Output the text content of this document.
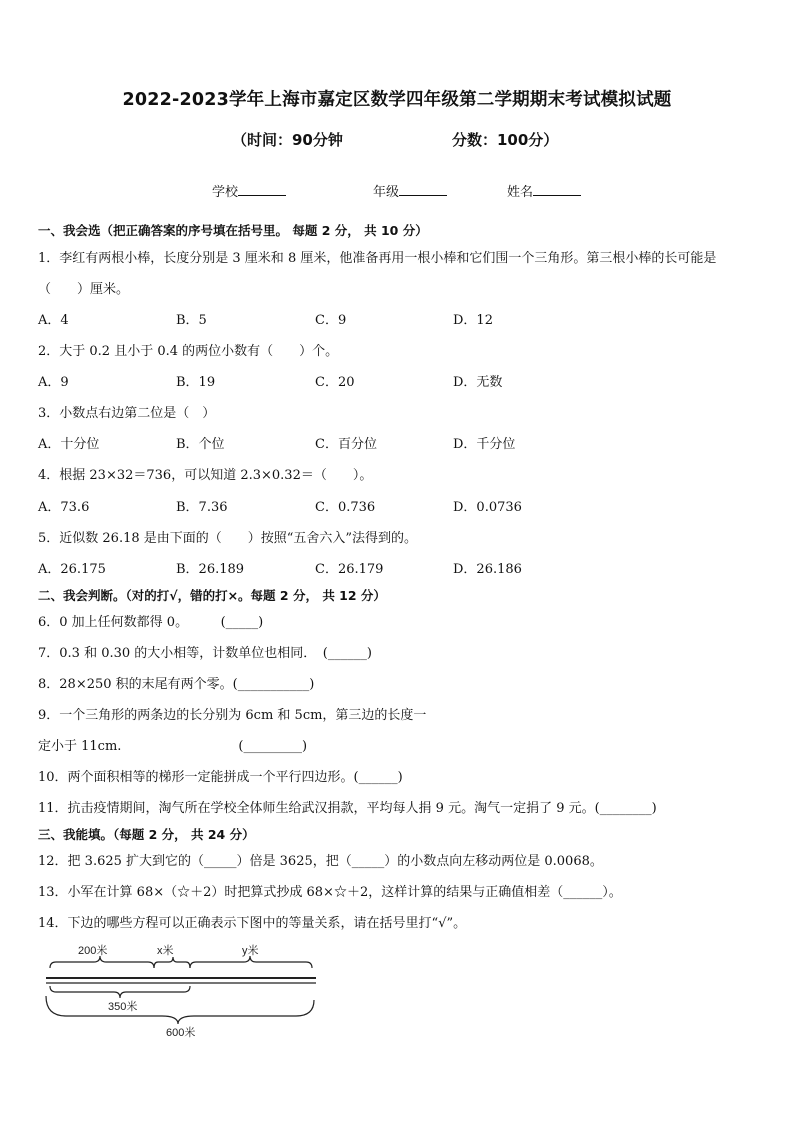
2022-2023学年上海市嘉定区数学四年级第二学期期末考试模拟试题
（时间：90分钟	分数：100分）
学校	年级	姓名
一、我会选（把正确答案的序号填在括号里。 每题 2 分， 共 10 分）
1．李红有两根小棒，长度分别是 3 厘米和 8 厘米，他准备再用一根小棒和它们围一个三角形。第三根小棒的长可能是
（　　）厘米。
A．4	B．5	C．9	D．12
2．大于 0.2 且小于 0.4 的两位小数有（　　）个。
A．9	B．19	C．20	D．无数
3．小数点右边第二位是（　）
A．十分位	B．个位	C．百分位	D．千分位
4．根据 23×32＝736，可以知道 2.3×0.32＝（　　）。
A．73.6	B．7.36	C．0.736	D．0.0736
5．近似数 26.18 是由下面的（　　）按照“五舍六入”法得到的。
A．26.175	B．26.189	C．26.179	D．26.186
二、我会判断。（对的打√，错的打×。每题 2 分， 共 12 分）
6．0 加上任何数都得 0。　　　(_____)
7．0.3 和 0.30 的大小相等，计数单位也相同．　(______)
8．28×250 积的末尾有两个零。(___________)
9．一个三角形的两条边的长分别为 6cm 和 5cm，第三边的长度一
定小于 11cm.　　　　　　　　　(_________)
10．两个面积相等的梯形一定能拼成一个平行四边形。(______)
11．抗击疫情期间，淘气所在学校全体师生给武汉捐款，平均每人捐 9 元。淘气一定捐了 9 元。(________)
三、我能填。（每题 2 分， 共 24 分）
12．把 3.625 扩大到它的（_____）倍是 3625，把（_____）的小数点向左移动两位是 0.0068。
13．小军在计算 68×（☆＋2）时把算式抄成 68×☆＋2，这样计算的结果与正确值相差（______）。
14．下边的哪些方程可以正确表示下图中的等量关系，请在括号里打“√”。
200米	x米	y米
350米
600米
